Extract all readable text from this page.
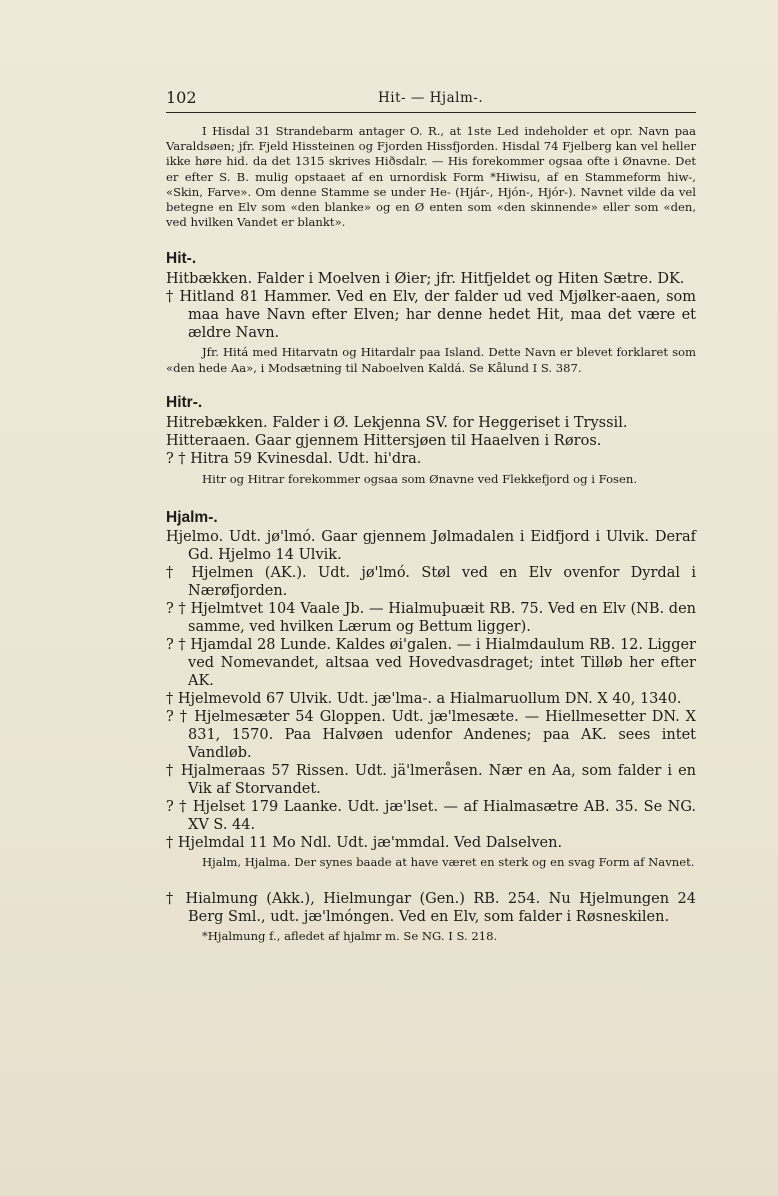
102	Hit- — Hjalm-.

I Hisdal 31 Strandebarm antager O. R., at 1ste Led indeholder et opr. Navn paa Varaldsøen; jfr. Fjeld Hissteinen og Fjorden Hissfjorden. Hisdal 74 Fjelberg kan vel heller ikke høre hid. da det 1315 skrives Hiðsdalr. — His forekommer ogsaa ofte i Ønavne. Det er efter S. B. mulig opstaaet af en urnordisk Form *Hiwisu, af en Stammeform hiw-, «Skin, Farve». Om denne Stamme se under He- (Hjár-, Hjón-, Hjór-). Navnet vilde da vel betegne en Elv som «den blanke» og en Ø enten som «den skinnende» eller som «den, ved hvilken Vandet er blankt».

Hit-.

Hitbækken. Falder i Moelven i Øier; jfr. Hitfjeldet og Hiten Sætre. DK.

† Hitland 81 Hammer. Ved en Elv, der falder ud ved Mjølker-aaen, som maa have Navn efter Elven; har denne hedet Hit, maa det være et ældre Navn.

Jfr. Hitá med Hitarvatn og Hitardalr paa Island. Dette Navn er blevet forklaret som «den hede Aa», i Modsætning til Naboelven Kaldá. Se Kålund I S. 387.

Hitr-.

Hitrebækken. Falder i Ø. Lekjenna SV. for Heggeriset i Tryssil.

Hitteraaen. Gaar gjennem Hittersjøen til Haaelven i Røros.

? † Hitra 59 Kvinesdal. Udt. hi'dra.

Hitr og Hitrar forekommer ogsaa som Ønavne ved Flekkefjord og i Fosen.

Hjalm-.

Hjelmo. Udt. jø'lmó. Gaar gjennem Jølmadalen i Eidfjord i Ulvik. Deraf Gd. Hjelmo 14 Ulvik.

† Hjelmen (AK.). Udt. jø'lmó. Støl ved en Elv ovenfor Dyrdal i Nærøfjorden.

? † Hjelmtvet 104 Vaale Jb. — Hialmuþuæit RB. 75. Ved en Elv (NB. den samme, ved hvilken Lærum og Bettum ligger).

? † Hjamdal 28 Lunde. Kaldes øi'galen. — i Hialmdaulum RB. 12. Ligger ved Nomevandet, altsaa ved Hovedvasdraget; intet Tilløb her efter AK.

† Hjelmevold 67 Ulvik. Udt. jæ'lma-. a Hialmaruollum DN. X 40, 1340.

? † Hjelmesæter 54 Gloppen. Udt. jæ'lmesæte. — Hiellmesetter DN. X 831, 1570. Paa Halvøen udenfor Andenes; paa AK. sees intet Vandløb.

† Hjalmeraas 57 Rissen. Udt. jä'lmeråsen. Nær en Aa, som falder i en Vik af Storvandet.

? † Hjelset 179 Laanke. Udt. jæ'lset. — af Hialmasætre AB. 35. Se NG. XV S. 44.

† Hjelmdal 11 Mo Ndl. Udt. jæ'mmdal. Ved Dalselven.

Hjalm, Hjalma. Der synes baade at have været en sterk og en svag Form af Navnet.

† Hialmung (Akk.), Hielmungar (Gen.) RB. 254. Nu Hjelmungen 24 Berg Sml., udt. jæ'lmóngen. Ved en Elv, som falder i Røsneskilen.

*Hjalmung f., afledet af hjalmr m. Se NG. I S. 218.
